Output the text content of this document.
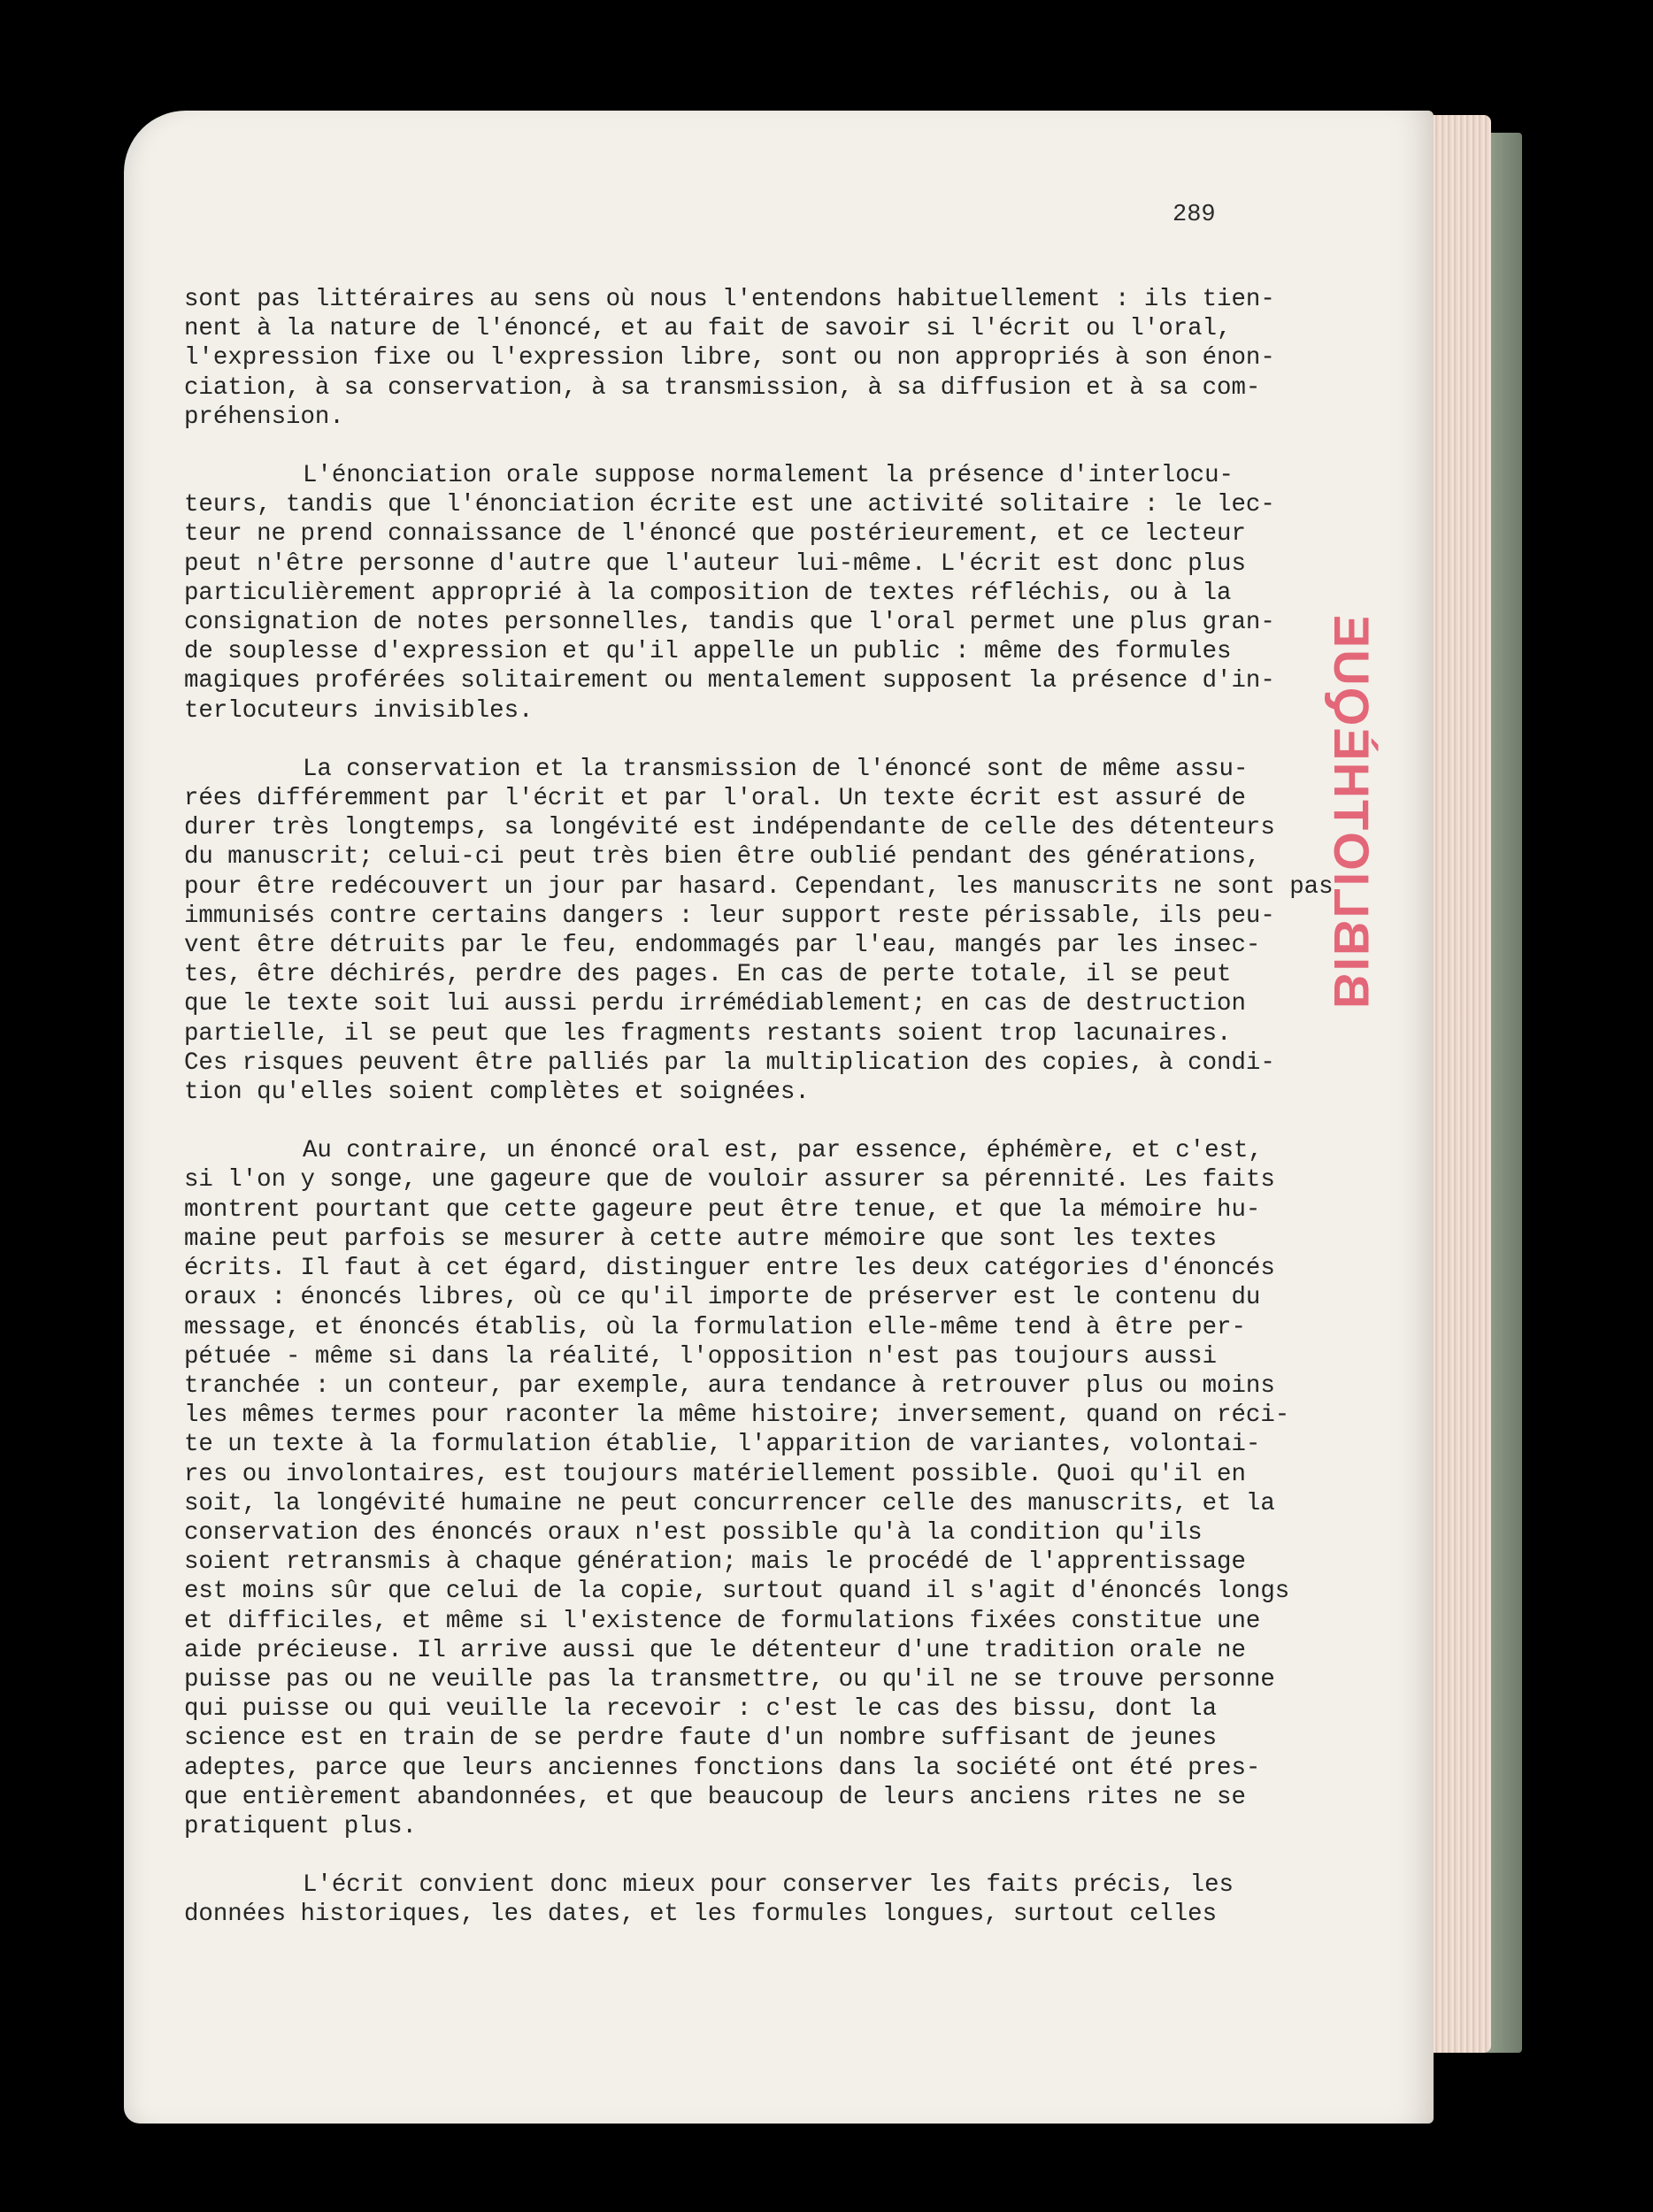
BIBLIOTHÈQUE
289
sont pas littéraires au sens où nous l'entendons habituellement : ils tien-
nent à la nature de l'énoncé, et au fait de savoir si l'écrit ou l'oral,
l'expression fixe ou l'expression libre, sont ou non appropriés à son énon-
ciation, à sa conservation, à sa transmission, à sa diffusion et à sa com-
préhension.
L'énonciation orale suppose normalement la présence d'interlocu-
teurs, tandis que l'énonciation écrite est une activité solitaire : le lec-
teur ne prend connaissance de l'énoncé que postérieurement, et ce lecteur
peut n'être personne d'autre que l'auteur lui-même. L'écrit est donc plus
particulièrement approprié à la composition de textes réfléchis, ou à la
consignation de notes personnelles, tandis que l'oral permet une plus gran-
de souplesse d'expression et qu'il appelle un public : même des formules
magiques proférées solitairement ou mentalement supposent la présence d'in-
terlocuteurs invisibles.
La conservation et la transmission de l'énoncé sont de même assu-
rées différemment par l'écrit et par l'oral. Un texte écrit est assuré de
durer très longtemps, sa longévité est indépendante de celle des détenteurs
du manuscrit; celui-ci peut très bien être oublié pendant des générations,
pour être redécouvert un jour par hasard. Cependant, les manuscrits ne sont pas
immunisés contre certains dangers : leur support reste périssable, ils peu-
vent être détruits par le feu, endommagés par l'eau, mangés par les insec-
tes, être déchirés, perdre des pages. En cas de perte totale, il se peut
que le texte soit lui aussi perdu irrémédiablement; en cas de destruction
partielle, il se peut que les fragments restants soient trop lacunaires.
Ces risques peuvent être palliés par la multiplication des copies, à condi-
tion qu'elles soient complètes et soignées.
Au contraire, un énoncé oral est, par essence, éphémère, et c'est,
si l'on y songe, une gageure que de vouloir assurer sa pérennité. Les faits
montrent pourtant que cette gageure peut être tenue, et que la mémoire hu-
maine peut parfois se mesurer à cette autre mémoire que sont les textes
écrits. Il faut à cet égard, distinguer entre les deux catégories d'énoncés
oraux : énoncés libres, où ce qu'il importe de préserver est le contenu du
message, et énoncés établis, où la formulation elle-même tend à être per-
pétuée - même si dans la réalité, l'opposition n'est pas toujours aussi
tranchée : un conteur, par exemple, aura tendance à retrouver plus ou moins
les mêmes termes pour raconter la même histoire; inversement, quand on réci-
te un texte à la formulation établie, l'apparition de variantes, volontai-
res ou involontaires, est toujours matériellement possible. Quoi qu'il en
soit, la longévité humaine ne peut concurrencer celle des manuscrits, et la
conservation des énoncés oraux n'est possible qu'à la condition qu'ils
soient retransmis à chaque génération; mais le procédé de l'apprentissage
est moins sûr que celui de la copie, surtout quand il s'agit d'énoncés longs
et difficiles, et même si l'existence de formulations fixées constitue une
aide précieuse. Il arrive aussi que le détenteur d'une tradition orale ne
puisse pas ou ne veuille pas la transmettre, ou qu'il ne se trouve personne
qui puisse ou qui veuille la recevoir : c'est le cas des bissu, dont la
science est en train de se perdre faute d'un nombre suffisant de jeunes
adeptes, parce que leurs anciennes fonctions dans la société ont été pres-
que entièrement abandonnées, et que beaucoup de leurs anciens rites ne se
pratiquent plus.
L'écrit convient donc mieux pour conserver les faits précis, les
données historiques, les dates, et les formules longues, surtout celles
